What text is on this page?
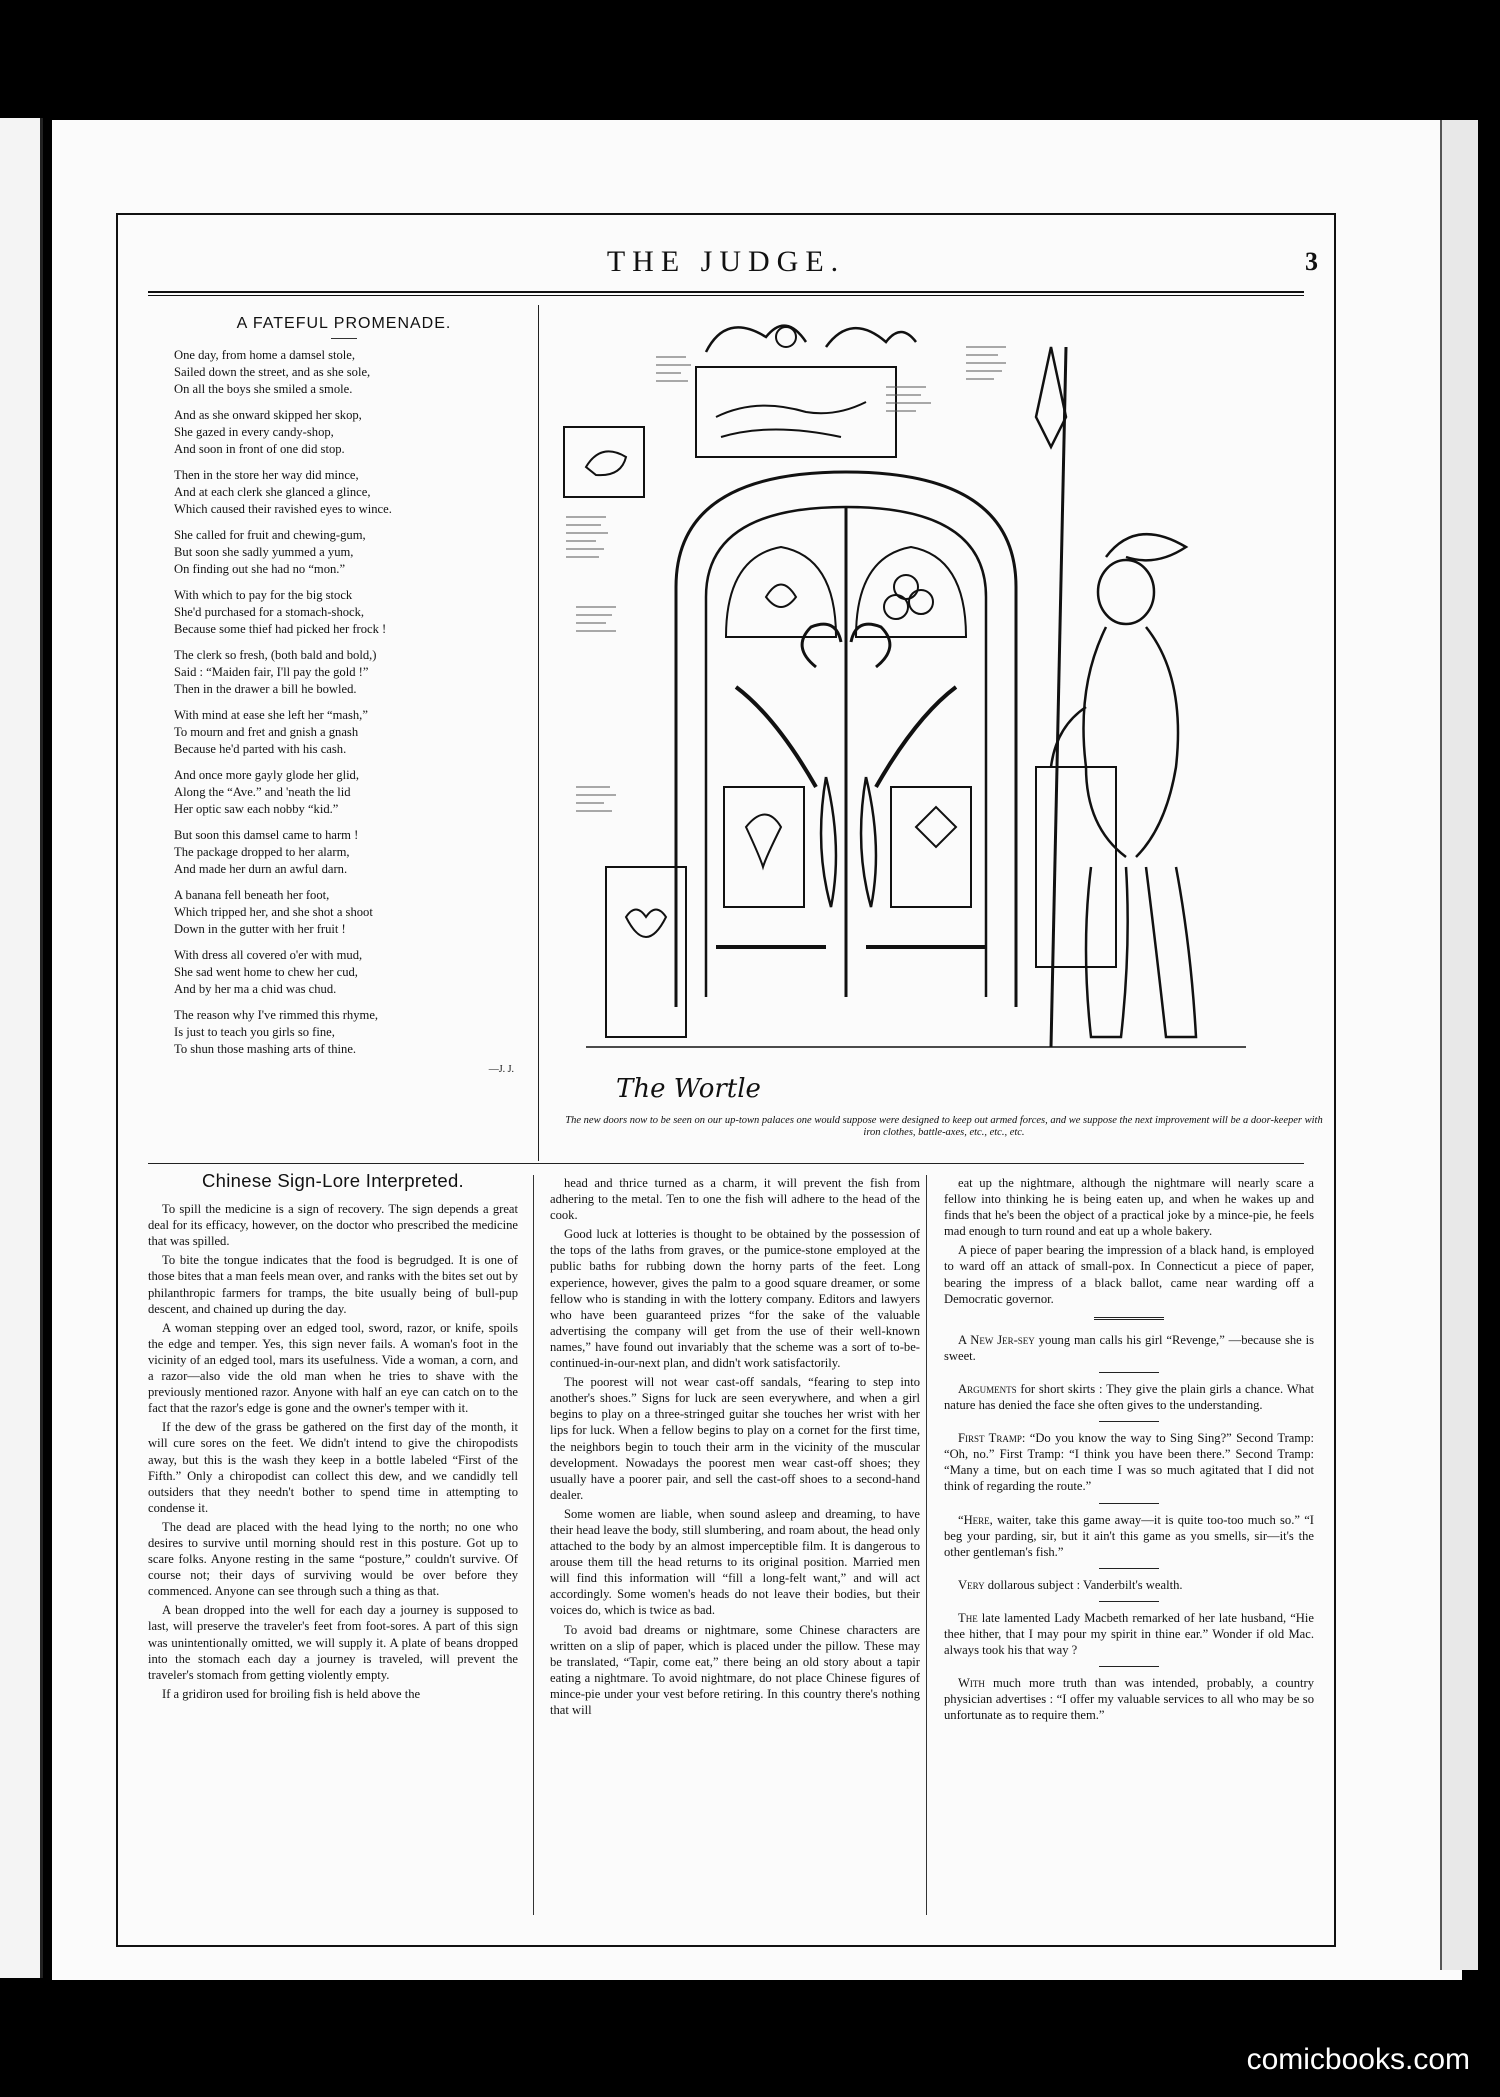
THE JUDGE.	3
A FATEFUL PROMENADE.
One day, from home a damsel stole,
Sailed down the street, and as she sole,
On all the boys she smiled a smole.
And as she onward skipped her skop,
She gazed in every candy-shop,
And soon in front of one did stop.
Then in the store her way did mince,
And at each clerk she glanced a glince,
Which caused their ravished eyes to wince.
She called for fruit and chewing-gum,
But soon she sadly yummed a yum,
On finding out she had no “mon.”
With which to pay for the big stock
She'd purchased for a stomach-shock,
Because some thief had picked her frock !
The clerk so fresh, (both bald and bold,)
Said : “Maiden fair, I'll pay the gold !”
Then in the drawer a bill he bowled.
With mind at ease she left her “mash,”
To mourn and fret and gnish a gnash
Because he'd parted with his cash.
And once more gayly glode her glid,
Along the “Ave.” and 'neath the lid
Her optic saw each nobby “kid.”
But soon this damsel came to harm !
The package dropped to her alarm,
And made her durn an awful darn.
A banana fell beneath her foot,
Which tripped her, and she shot a shoot
Down in the gutter with her fruit !
With dress all covered o'er with mud,
She sad went home to chew her cud,
And by her ma a chid was chud.
The reason why I've rimmed this rhyme,
Is just to teach you girls so fine,
To shun those mashing arts of thine.
—J. J.
The Wortle
The new doors now to be seen on our up-town palaces one would suppose were designed to keep out armed forces, and we suppose the next improvement will be a door-keeper with iron clothes, battle-axes, etc., etc., etc.
Chinese Sign-Lore Interpreted.

To spill the medicine is a sign of recovery. The sign depends a great deal for its efficacy, however, on the doctor who prescribed the medicine that was spilled.

To bite the tongue indicates that the food is begrudged. It is one of those bites that a man feels mean over, and ranks with the bites set out by philanthropic farmers for tramps, the bite usually being of bull-pup descent, and chained up during the day.

A woman stepping over an edged tool, sword, razor, or knife, spoils the edge and temper. Yes, this sign never fails. A woman's foot in the vicinity of an edged tool, mars its usefulness. Vide a woman, a corn, and a razor—also vide the old man when he tries to shave with the previously mentioned razor. Anyone with half an eye can catch on to the fact that the razor's edge is gone and the owner's temper with it.

If the dew of the grass be gathered on the first day of the month, it will cure sores on the feet. We didn't intend to give the chiropodists away, but this is the wash they keep in a bottle labeled “First of the Fifth.” Only a chiropodist can collect this dew, and we candidly tell outsiders that they needn't bother to spend time in attempting to condense it.

The dead are placed with the head lying to the north; no one who desires to survive until morning should rest in this posture. Got up to scare folks. Anyone resting in the same “posture,” couldn't survive. Of course not; their days of surviving would be over before they commenced. Anyone can see through such a thing as that.

A bean dropped into the well for each day a journey is supposed to last, will preserve the traveler's feet from foot-sores. A part of this sign was unintentionally omitted, we will supply it. A plate of beans dropped into the stomach each day a journey is traveled, will prevent the traveler's stomach from getting violently empty.

If a gridiron used for broiling fish is held above the

head and thrice turned as a charm, it will prevent the fish from adhering to the metal. Ten to one the fish will adhere to the head of the cook.

Good luck at lotteries is thought to be obtained by the possession of the tops of the laths from graves, or the pumice-stone employed at the public baths for rubbing down the horny parts of the feet. Long experience, however, gives the palm to a good square dreamer, or some fellow who is standing in with the lottery company. Editors and lawyers who have been guaranteed prizes “for the sake of the valuable advertising the company will get from the use of their well-known names,” have found out invariably that the scheme was a sort of to-be-continued-in-our-next plan, and didn't work satisfactorily.

The poorest will not wear cast-off sandals, “fearing to step into another's shoes.” Signs for luck are seen everywhere, and when a girl begins to play on a three-stringed guitar she touches her wrist with her lips for luck. When a fellow begins to play on a cornet for the first time, the neighbors begin to touch their arm in the vicinity of the muscular development. Nowadays the poorest men wear cast-off shoes; they usually have a poorer pair, and sell the cast-off shoes to a second-hand dealer.

Some women are liable, when sound asleep and dreaming, to have their head leave the body, still slumbering, and roam about, the head only attached to the body by an almost imperceptible film. It is dangerous to arouse them till the head returns to its original position. Married men will find this information will “fill a long-felt want,” and will act accordingly. Some women's heads do not leave their bodies, but their voices do, which is twice as bad.

To avoid bad dreams or nightmare, some Chinese characters are written on a slip of paper, which is placed under the pillow. These may be translated, “Tapir, come eat,” there being an old story about a tapir eating a nightmare. To avoid nightmare, do not place Chinese figures of mince-pie under your vest before retiring. In this country there's nothing that will

eat up the nightmare, although the nightmare will nearly scare a fellow into thinking he is being eaten up, and when he wakes up and finds that he's been the object of a practical joke by a mince-pie, he feels mad enough to turn round and eat up a whole bakery.

A piece of paper bearing the impression of a black hand, is employed to ward off an attack of small-pox. In Connecticut a piece of paper, bearing the impress of a black ballot, came near warding off a Democratic governor.

A New Jer-sey young man calls his girl “Revenge,” —because she is sweet.

Arguments for short skirts : They give the plain girls a chance. What nature has denied the face she often gives to the understanding.

First Tramp: “Do you know the way to Sing Sing?” Second Tramp: “Oh, no.” First Tramp: “I think you have been there.” Second Tramp: “Many a time, but on each time I was so much agitated that I did not think of regarding the route.”

“Here, waiter, take this game away—it is quite too-too much so.” “I beg your parding, sir, but it ain't this game as you smells, sir—it's the other gentleman's fish.”

Very dollarous subject : Vanderbilt's wealth.

The late lamented Lady Macbeth remarked of her late husband, “Hie thee hither, that I may pour my spirit in thine ear.” Wonder if old Mac. always took his that way ?

With much more truth than was intended, probably, a country physician advertises : “I offer my valuable services to all who may be so unfortunate as to require them.”

comicbooks.com
